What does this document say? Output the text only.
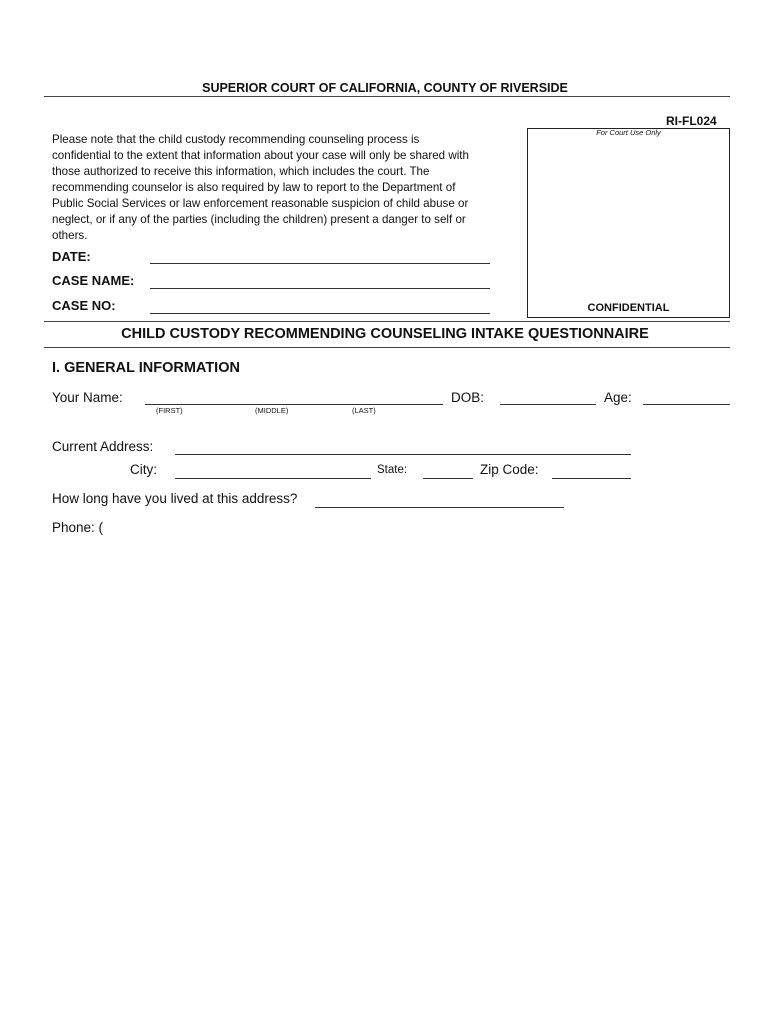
SUPERIOR COURT OF CALIFORNIA, COUNTY OF RIVERSIDE
RI-FL024
For Court Use Only
CONFIDENTIAL
Please note that the child custody recommending counseling process is
confidential to the extent that information about your case will only be shared with
those authorized to receive this information, which includes the court. The
recommending counselor is also required by law to report to the Department of
Public Social Services or law enforcement reasonable suspicion of child abuse or
neglect, or if any of the parties (including the children) present a danger to self or
others.
DATE:
CASE NAME:
CASE NO:
CHILD CUSTODY RECOMMENDING COUNSELING INTAKE QUESTIONNAIRE
I. GENERAL INFORMATION
Your Name:
(FIRST)	(MIDDLE)	(LAST)
DOB:	Age:
Current Address:
City:	State:	Zip Code:
How long have you lived at this address?
Phone: (
